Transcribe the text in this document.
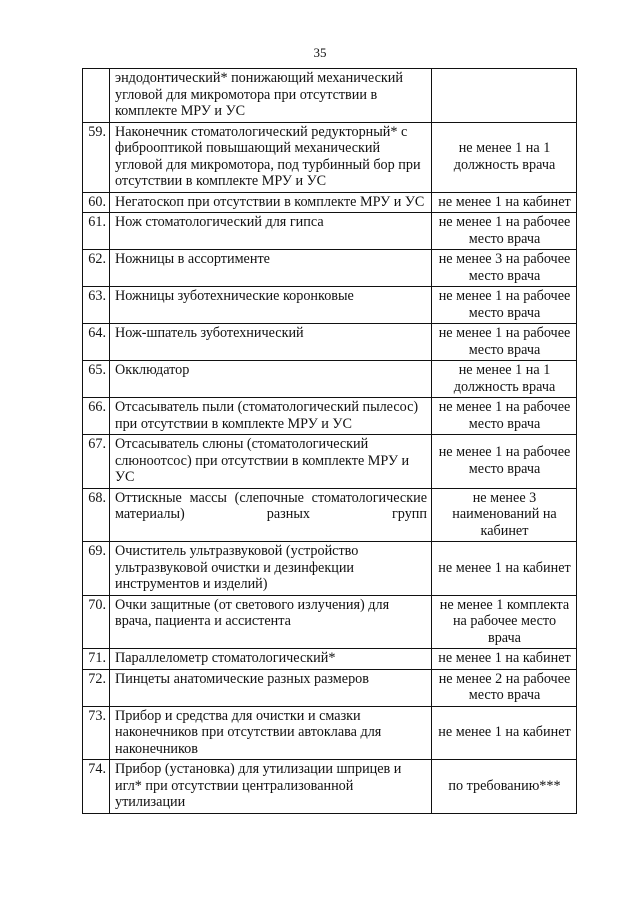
35
	эндодонтический* понижающий механический угловой для микромотора при отсутствии в комплекте МРУ и УС	
59.	Наконечник стоматологический редукторный* с фиброоптикой повышающий механический угловой для микромотора, под турбинный бор при отсутствии в комплекте МРУ и УС	не менее 1 на 1 должность врача
60.	Негатоскоп при отсутствии в комплекте МРУ и УС	не менее 1 на кабинет
61.	Нож стоматологический для гипса	не менее 1 на рабочее место врача
62.	Ножницы в ассортименте	не менее 3 на рабочее место врача
63.	Ножницы зуботехнические коронковые	не менее 1 на рабочее место врача
64.	Нож-шпатель зуботехнический	не менее 1 на рабочее место врача
65.	Окклюдатор	не менее 1 на 1 должность врача
66.	Отсасыватель пыли (стоматологический пылесос) при отсутствии в комплекте МРУ и УС	не менее 1 на рабочее место врача
67.	Отсасыватель слюны (стоматологический слюноотсос) при отсутствии в комплекте МРУ и УС	не менее 1 на рабочее место врача
68.	Оттискные массы (слепочные стоматологические материалы) разных групп	не менее 3 наименований на кабинет
69.	Очиститель ультразвуковой (устройство ультразвуковой очистки и дезинфекции инструментов и изделий)	не менее 1 на кабинет
70.	Очки защитные (от светового излучения) для врача, пациента и ассистента	не менее 1 комплекта на рабочее место врача
71.	Параллелометр стоматологический*	не менее 1 на кабинет
72.	Пинцеты анатомические разных размеров	не менее 2 на рабочее место врача
73.	Прибор и средства для очистки и смазки наконечников при отсутствии автоклава для наконечников	не менее 1 на кабинет
74.	Прибор (установка) для утилизации шприцев и игл* при отсутствии централизованной утилизации	по требованию***
